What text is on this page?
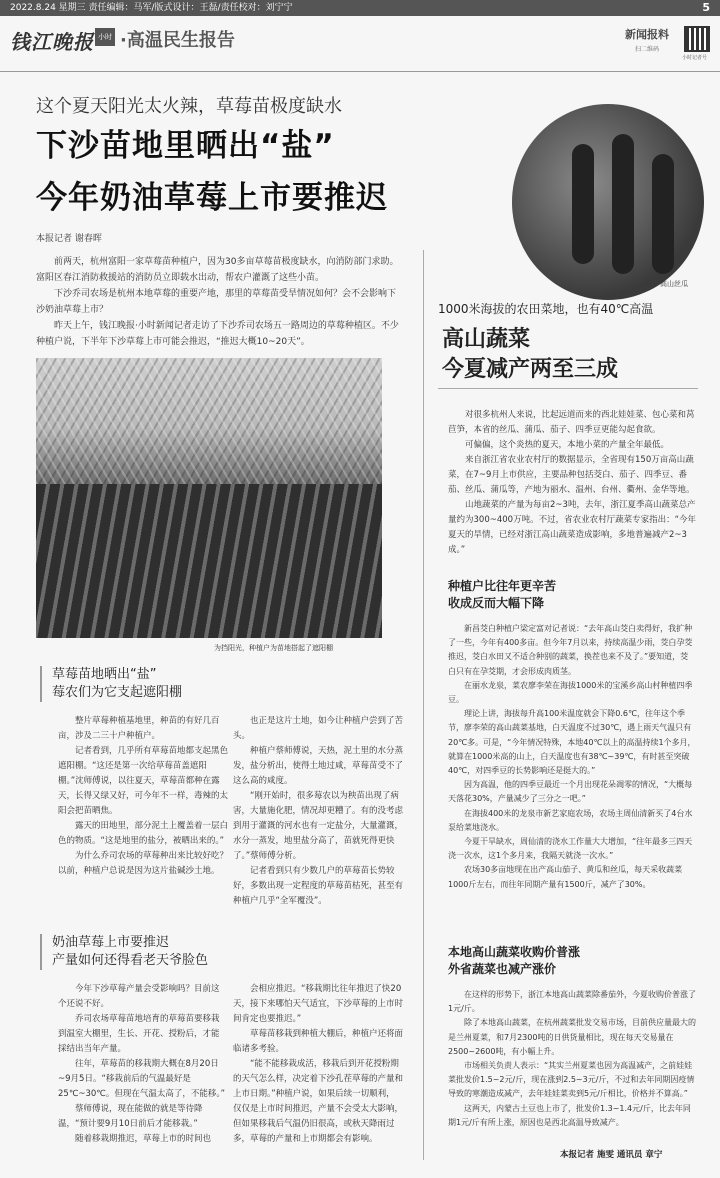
2022.8.24 星期三 责任编辑：马军/版式设计：王磊/责任校对：刘宁宁	5
钱江晚报 小时 ·高温民生报告	新闻报料
扫二维码
小时记者号
这个夏天阳光太火辣，草莓苗极度缺水
下沙苗地里晒出“盐”
今年奶油草莓上市要推迟
本报记者 谢春晖

前两天，杭州富阳一家草莓苗种植户，因为30多亩草莓苗极度缺水，向消防部门求助。富阳区春江消防救援站的消防员立即载水出动，帮农户灌溉了这些小苗。

下沙乔司农场是杭州本地草莓的重要产地，那里的草莓苗受旱情况如何？会不会影响下沙奶油草莓上市？

昨天上午，钱江晚报·小时新闻记者走访了下沙乔司农场五一路周边的草莓种植区。不少种植户说，下半年下沙草莓上市可能会推迟，“推迟大概10~20天”。

高山丝瓜
为挡阳光，种植户为苗地搭起了遮阳棚
草莓苗地晒出“盐”
莓农们为它支起遮阳棚

整片草莓种植基地里，种苗的有好几百亩，涉及二三十户种植户。

记者看到，几乎所有草莓苗地都支起黑色遮阳棚。“这还是第一次给草莓苗盖遮阳棚。”沈师傅说，以往夏天，草莓苗都种在露天，长得又绿又好，可今年不一样，毒辣的太阳会把苗晒焦。

露天的田地里，部分泥土上覆盖着一层白色的物质。“这是地里的盐分，被晒出来的。”

为什么乔司农场的草莓种出来比较好吃？以前，种植户总说是因为这片盐碱沙土地。

也正是这片土地，如今让种植户尝到了苦头。

种植户蔡师傅说，天热，泥土里的水分蒸发，盐分析出，使得土地过咸，草莓苗受不了这么高的咸度。

“刚开始时，很多莓农以为秧苗出现了病害，大量施化肥，情况却更糟了。有的没考虑到用于灌溉的河水也有一定盐分，大量灌溉，水分一蒸发，地里盐分高了，苗就死得更快了。”蔡师傅分析。

记者看到只有少数几户的草莓苗长势较好，多数出现一定程度的草莓苗枯死，甚至有种植户几乎“全军覆没”。

奶油草莓上市要推迟
产量如何还得看老天爷脸色

今年下沙草莓产量会受影响吗？目前这个还说不好。

乔司农场草莓苗地培育的草莓苗要移栽到温室大棚里，生长、开花、授粉后，才能採结出当年产量。

往年，草莓苗的移栽期大概在8月20日~9月5日。“移栽前后的气温最好是25℃~30℃。但现在气温太高了，不能移。”

蔡师傅说，现在能做的就是等待降温，“预计要9月10日前后才能移栽。”

随着移栽期推迟，草莓上市的时间也

会相应推迟。“移栽期比往年推迟了快20天，接下来哪怕天气适宜，下沙草莓的上市时间肯定也要推迟。”

草莓苗移栽到种植大棚后，种植户还将面临诸多考验。

“能不能移栽成活，移栽后到开花授粉期的天气怎么样，决定着下沙孔茬草莓的产量和上市日期。”种植户说，如果后续一切顺利，仅仅是上市时间推迟，产量不会受太大影响，但如果移栽后气温仍旧很高，或秋天降雨过多，草莓的产量和上市期都会有影响。

1000米海拔的农田菜地，也有40℃高温
高山蔬菜
今夏减产两至三成

对很多杭州人来说，比起远道而来的西北娃娃菜、包心菜和莴苣笋，本省的丝瓜、蒲瓜、茄子、四季豆更能勾起食欲。

可偏偏，这个炎热的夏天，本地小菜的产量全年最低。

来自浙江省农业农村厅的数据显示，全省现有150万亩高山蔬菜，在7~9月上市供应，主要品种包括茭白、茄子、四季豆、番茄、丝瓜、蒲瓜等，产地为丽水、温州、台州、衢州、金华等地。

山地蔬菜的产量为每亩2~3吨，去年，浙江夏季高山蔬菜总产量约为300~400万吨。不过，省农业农村厅蔬菜专家指出：“今年夏天的旱情，已经对浙江高山蔬菜造成影响，多地普遍减产2~3成。”

种植户比往年更辛苦
收成反而大幅下降

新昌茭白种植户梁定富对记者说：“去年高山茭白卖得好，我扩种了一些，今年有400多亩。但今年7月以来，持续高温少雨，茭白孕茭推迟，茭白水田又不适合种别的蔬菜，换茬也来不及了。”要知道，茭白只有在孕茭期，才会形成肉质茎。

在丽水龙泉，菜农廖李荣在海拔1000米的宝溪乡高山村种植四季豆。

理论上讲，海拔每升高100米温度就会下降0.6℃，往年这个季节，廖李荣的高山蔬菜基地，白天温度不过30℃，遇上雨天气温只有20℃多。可是，“今年情况特殊，本地40℃以上的高温持续1个多月，就算在1000米高的山上，白天温度也有38℃~39℃，有时甚至突破40℃，对四季豆的长势影响还是挺大的。”

因为高温，他的四季豆最近一个月出现花朵凋零的情况，“大概每天落花30%，产量减少了三分之一吧。”

在海拔400米的龙泉市新艺家庭农场，农场主周仙清新买了4台水泵给菜地浇水。

今夏干旱缺水，周仙清的浇水工作量大大增加，“往年最多三四天浇一次水，这1个多月来，我隔天就浇一次水。”

农场30多亩地现在出产高山茄子、黄瓜和丝瓜，每天采收蔬菜1000斤左右，而往年同期产量有1500斤，减产了30%。

本地高山蔬菜收购价普涨
外省蔬菜也减产涨价

在这样的形势下，浙江本地高山蔬菜除番茄外，今夏收购价普涨了1元/斤。

除了本地高山蔬菜，在杭州蔬菜批发交易市场，目前供应量最大的是兰州夏菜，和7月2300吨的日供货量相比，现在每天交易量在2500~2600吨，有小幅上升。

市场相关负责人表示：“其实兰州夏菜也因为高温减产，之前娃娃菜批发价1.5~2元/斤，现在涨到2.5~3元/斤，不过和去年同期因疫情导致的寒潮造成减产，去年娃娃菜卖到5元/斤相比，价格并不算高。”

这两天，内蒙古土豆也上市了，批发价1.3~1.4元/斤，比去年同期1元/斤有所上涨，原因也是西北高温导致减产。

本报记者 施雯 通讯员 章宁
